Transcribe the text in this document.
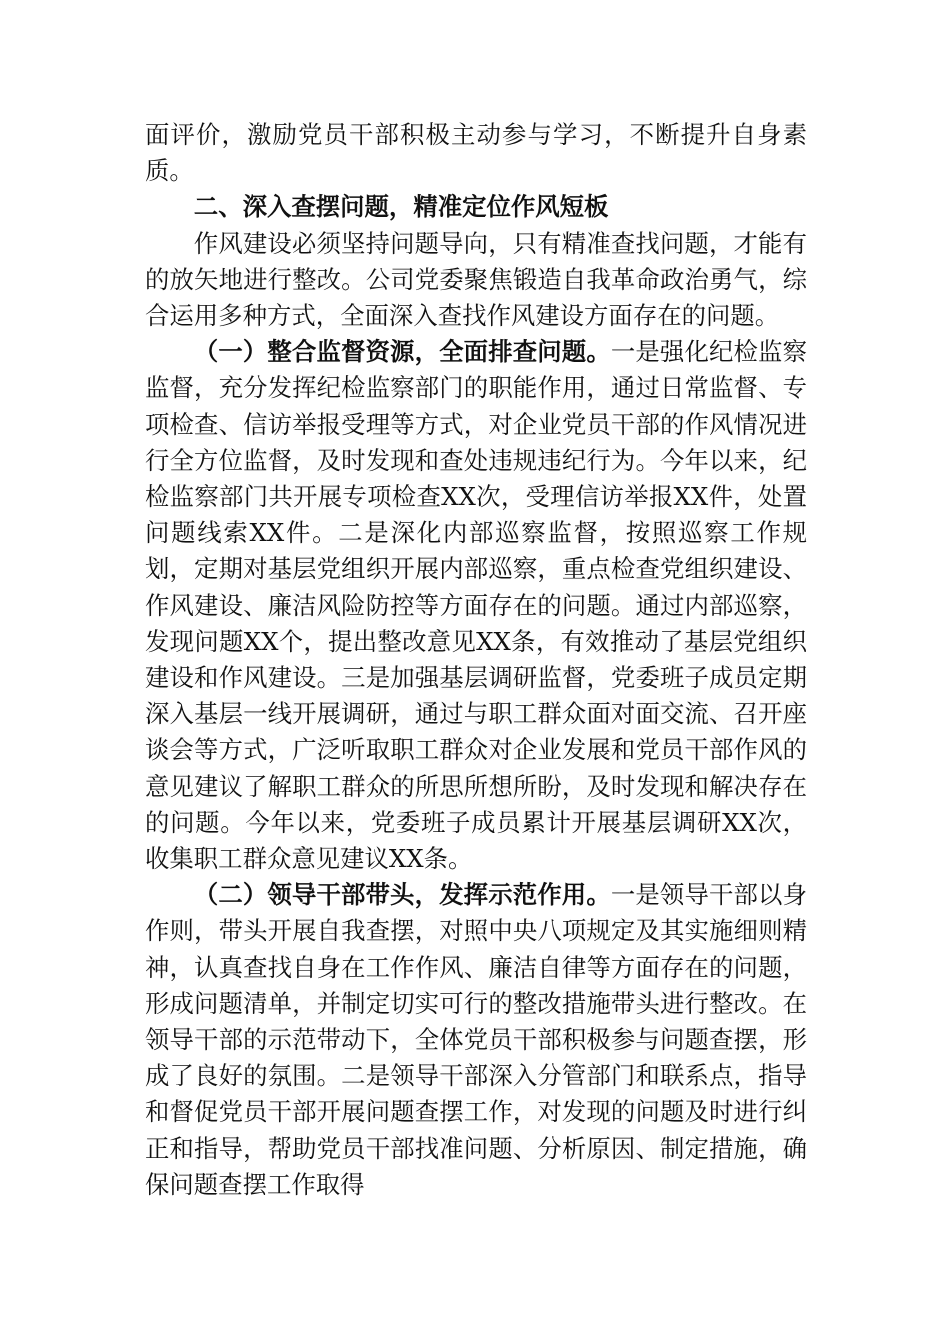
面评价，激励党员干部积极主动参与学习，不断提升自身素质。

二、深入查摆问题，精准定位作风短板

作风建设必须坚持问题导向，只有精准查找问题，才能有的放矢地进行整改。公司党委聚焦锻造自我革命政治勇气，综合运用多种方式，全面深入查找作风建设方面存在的问题。

（一）整合监督资源，全面排查问题。一是强化纪检监察监督，充分发挥纪检监察部门的职能作用，通过日常监督、专项检查、信访举报受理等方式，对企业党员干部的作风情况进行全方位监督，及时发现和查处违规违纪行为。今年以来，纪检监察部门共开展专项检查XX次，受理信访举报XX件，处置问题线索XX件。二是深化内部巡察监督，按照巡察工作规划，定期对基层党组织开展内部巡察，重点检查党组织建设、作风建设、廉洁风险防控等方面存在的问题。通过内部巡察，发现问题XX个，提出整改意见XX条，有效推动了基层党组织建设和作风建设。三是加强基层调研监督，党委班子成员定期深入基层一线开展调研，通过与职工群众面对面交流、召开座谈会等方式，广泛听取职工群众对企业发展和党员干部作风的意见建议了解职工群众的所思所想所盼，及时发现和解决存在的问题。今年以来，党委班子成员累计开展基层调研XX次，收集职工群众意见建议XX条。

（二）领导干部带头，发挥示范作用。一是领导干部以身作则，带头开展自我查摆，对照中央八项规定及其实施细则精神，认真查找自身在工作作风、廉洁自律等方面存在的问题，形成问题清单，并制定切实可行的整改措施带头进行整改。在领导干部的示范带动下，全体党员干部积极参与问题查摆，形成了良好的氛围。二是领导干部深入分管部门和联系点，指导和督促党员干部开展问题查摆工作，对发现的问题及时进行纠正和指导，帮助党员干部找准问题、分析原因、制定措施，确保问题查摆工作取得
